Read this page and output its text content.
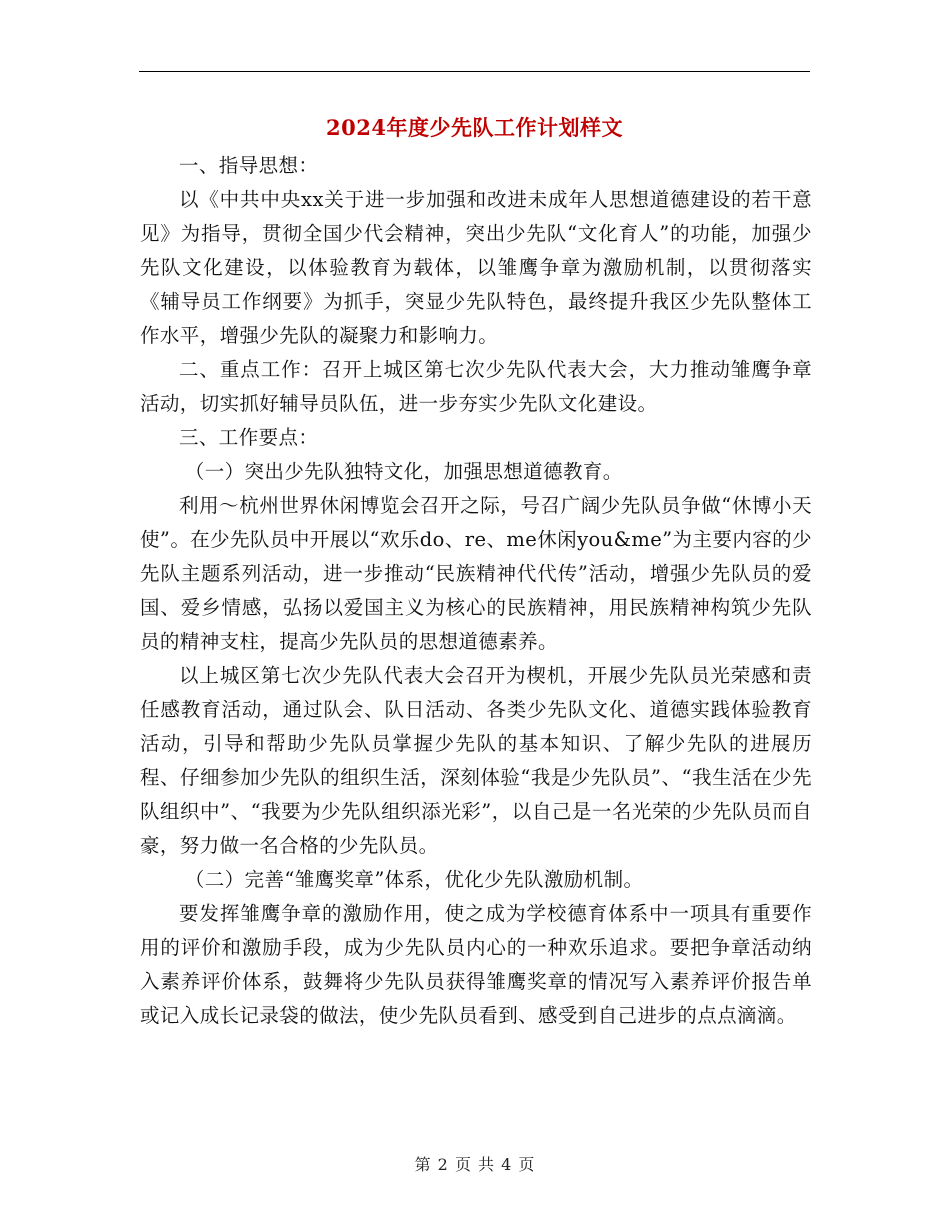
2024年度少先队工作计划样文

一、指导思想：

以《中共中央xx关于进一步加强和改进未成年人思想道德建设的若干意见》为指导，贯彻全国少代会精神，突出少先队“文化育人”的功能，加强少先队文化建设，以体验教育为载体，以雏鹰争章为激励机制，以贯彻落实《辅导员工作纲要》为抓手，突显少先队特色，最终提升我区少先队整体工作水平，增强少先队的凝聚力和影响力。

二、重点工作：召开上城区第七次少先队代表大会，大力推动雏鹰争章活动，切实抓好辅导员队伍，进一步夯实少先队文化建设。

三、工作要点：

（一）突出少先队独特文化，加强思想道德教育。

利用～杭州世界休闲博览会召开之际，号召广阔少先队员争做“休博小天使”。在少先队员中开展以“欢乐do、re、me休闲you&me”为主要内容的少先队主题系列活动，进一步推动“民族精神代代传”活动，增强少先队员的爱国、爱乡情感，弘扬以爱国主义为核心的民族精神，用民族精神构筑少先队员的精神支柱，提高少先队员的思想道德素养。

以上城区第七次少先队代表大会召开为楔机，开展少先队员光荣感和责任感教育活动，通过队会、队日活动、各类少先队文化、道德实践体验教育活动，引导和帮助少先队员掌握少先队的基本知识、了解少先队的进展历程、仔细参加少先队的组织生活，深刻体验“我是少先队员”、“我生活在少先队组织中”、“我要为少先队组织添光彩”，以自己是一名光荣的少先队员而自豪，努力做一名合格的少先队员。

（二）完善“雏鹰奖章”体系，优化少先队激励机制。

要发挥雏鹰争章的激励作用，使之成为学校德育体系中一项具有重要作用的评价和激励手段，成为少先队员内心的一种欢乐追求。要把争章活动纳入素养评价体系，鼓舞将少先队员获得雏鹰奖章的情况写入素养评价报告单或记入成长记录袋的做法，使少先队员看到、感受到自己进步的点点滴滴。

第 2 页 共 4 页
